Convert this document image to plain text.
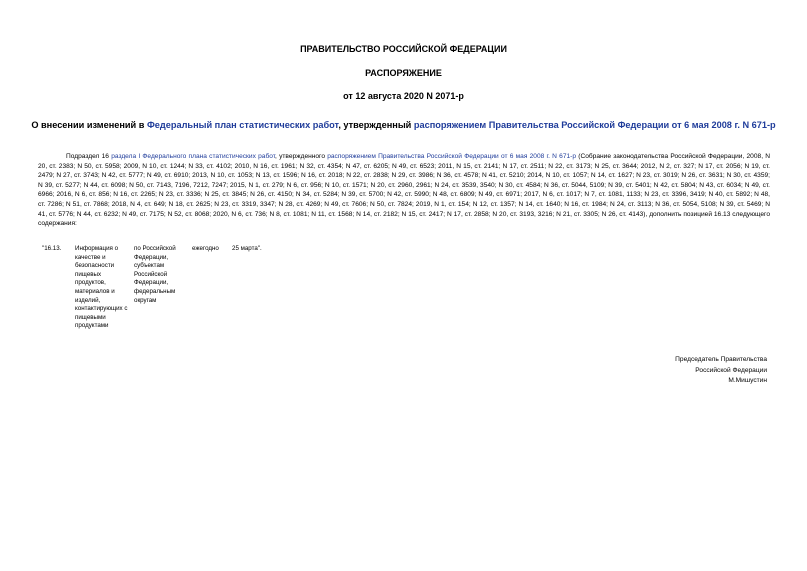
ПРАВИТЕЛЬСТВО РОССИЙСКОЙ ФЕДЕРАЦИИ
РАСПОРЯЖЕНИЕ
от 12 августа 2020 N 2071-р
О внесении изменений в Федеральный план статистических работ, утвержденный распоряжением Правительства Российской Федерации от 6 мая 2008 г. N 671-р
Подраздел 16 раздела I Федерального плана статистических работ, утвержденного распоряжением Правительства Российской Федерации от 6 мая 2008 г. N 671-р (Собрание законодательства Российской Федерации, 2008, N 20, ст. 2383; N 50, ст. 5958; 2009, N 10, ст. 1244; N 33, ст. 4102; 2010, N 16, ст. 1961; N 32, ст. 4354; N 47, ст. 6205; N 49, ст. 6523; 2011, N 15, ст. 2141; N 17, ст. 2511; N 22, ст. 3173; N 25, ст. 3644; 2012, N 2, ст. 327; N 17, ст. 2056; N 19, ст. 2479; N 27, ст. 3743; N 42, ст. 5777; N 49, ст. 6910; 2013, N 10, ст. 1053; N 13, ст. 1596; N 16, ст. 2018; N 22, ст. 2838; N 29, ст. 3986; N 36, ст. 4578; N 41, ст. 5210; 2014, N 10, ст. 1057; N 14, ст. 1627; N 23, ст. 3019; N 26, ст. 3631; N 30, ст. 4359; N 39, ст. 5277; N 44, ст. 6098; N 50, ст. 7143, 7196, 7212, 7247; 2015, N 1, ст. 279; N 6, ст. 956; N 10, ст. 1571; N 20, ст. 2960, 2961; N 24, ст. 3539, 3540; N 30, ст. 4584; N 36, ст. 5044, 5109; N 39, ст. 5401; N 42, ст. 5804; N 43, ст. 6034; N 49, ст. 6966; 2016, N 6, ст. 856; N 16, ст. 2265; N 23, ст. 3336; N 25, ст. 3845; N 26, ст. 4150; N 34, ст. 5284; N 39, ст. 5700; N 42, ст. 5990; N 48, ст. 6809; N 49, ст. 6971; 2017, N 6, ст. 1017; N 7, ст. 1081, 1133; N 23, ст. 3396, 3419; N 40, ст. 5892; N 48, ст. 7286; N 51, ст. 7868; 2018, N 4, ст. 649; N 18, ст. 2625; N 23, ст. 3319, 3347; N 28, ст. 4269; N 49, ст. 7606; N 50, ст. 7824; 2019, N 1, ст. 154; N 12, ст. 1357; N 14, ст. 1640; N 16, ст. 1984; N 24, ст. 3113; N 36, ст. 5054, 5108; N 39, ст. 5469; N 41, ст. 5776; N 44, ст. 6232; N 49, ст. 7175; N 52, ст. 8068; 2020, N 6, ст. 736; N 8, ст. 1081; N 11, ст. 1568; N 14, ст. 2182; N 15, ст. 2417; N 17, ст. 2858; N 20, ст. 3193, 3216; N 21, ст. 3305; N 26, ст. 4143), дополнить позицией 16.13 следующего содержания:
"16.13.	Информация о качестве и безопасности пищевых продуктов, материалов и изделий, контактирующих с пищевыми продуктами
по Российской Федерации, субъектам Российской Федерации, федеральным округам
ежегодно	25 марта".
Председатель Правительства
Российской Федерации
М.Мишустин
